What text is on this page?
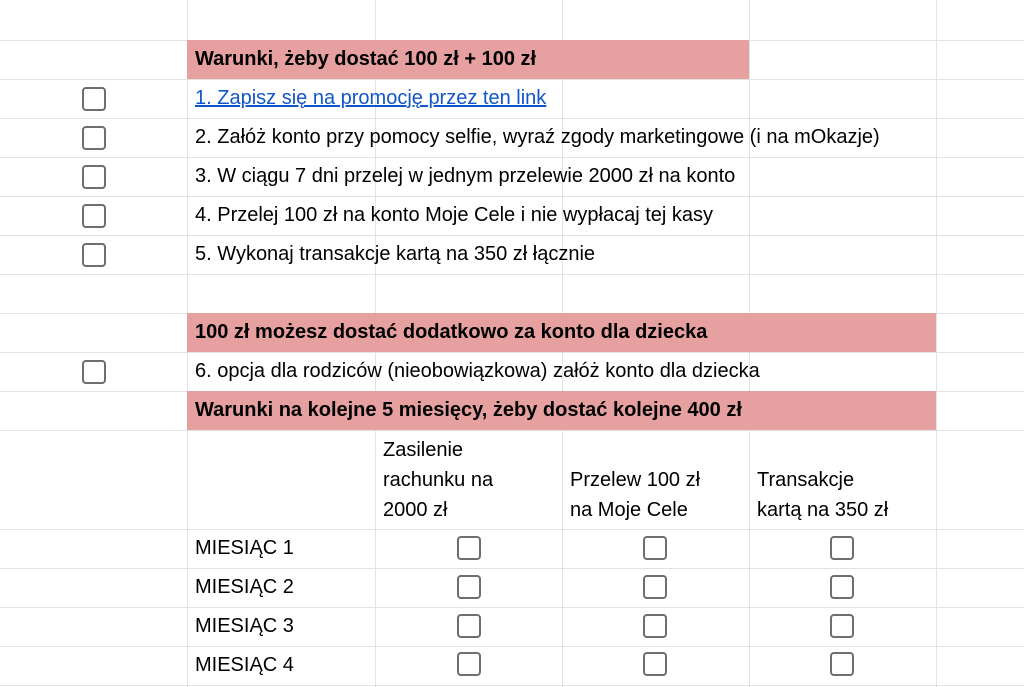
Warunki, żeby dostać 100 zł + 100 zł
1. Zapisz się na promocję przez ten link
2. Załóż konto przy pomocy selfie, wyraź zgody marketingowe (i na mOkazje)
3. W ciągu 7 dni przelej w jednym przelewie 2000 zł na konto
4. Przelej 100 zł na konto Moje Cele i nie wypłacaj tej kasy
5. Wykonaj transakcje kartą na 350 zł łącznie
100 zł możesz dostać dodatkowo za konto dla dziecka
6. opcja dla rodziców (nieobowiązkowa) załóż konto dla dziecka
Warunki na kolejne 5 miesięcy, żeby dostać kolejne 400 zł
Zasilenie
rachunku na
2000 zł
Przelew 100 zł
na Moje Cele
Transakcje
kartą na 350 zł
MIESIĄC 1
MIESIĄC 2
MIESIĄC 3
MIESIĄC 4
